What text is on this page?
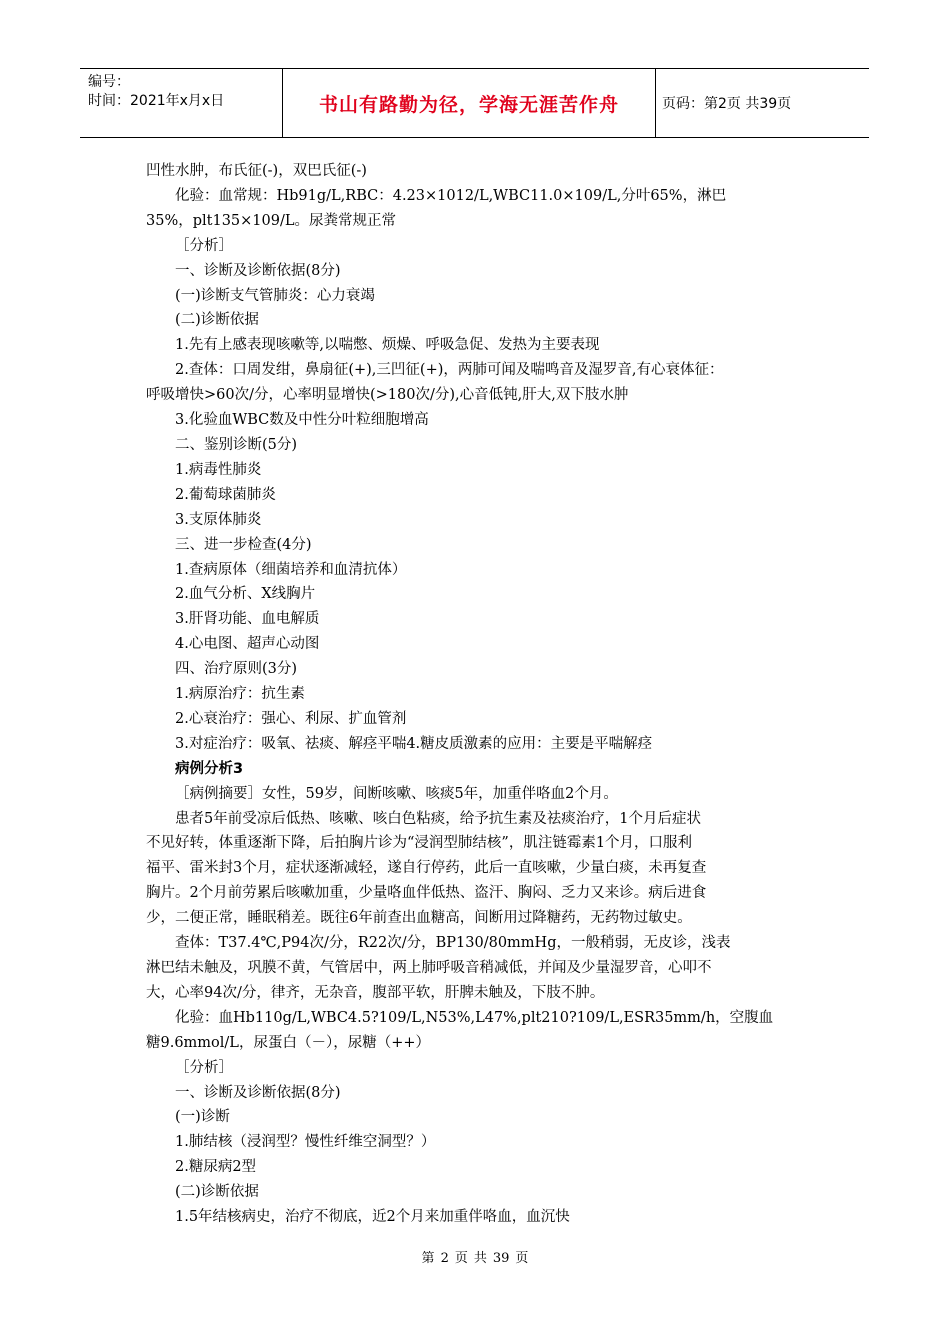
编号：
时间：2021年x月x日	书山有路勤为径，学海无涯苦作舟	页码：第2页 共39页

凹性水肿，布氏征(-)，双巴氏征(-)

化验：血常规：Hb91g/L,RBC：4.23×1012/L,WBC11.0×109/L,分叶65%，淋巴

35%，plt135×109/L。尿粪常规正常

［分析］

一、诊断及诊断依据(8分)

(一)诊断支气管肺炎：心力衰竭

(二)诊断依据

1.先有上感表现咳嗽等,以喘憋、烦燥、呼吸急促、发热为主要表现

2.查体：口周发绀，鼻扇征(+),三凹征(+)，两肺可闻及喘鸣音及湿罗音,有心衰体征：

呼吸增快>60次/分，心率明显增快(>180次/分),心音低钝,肝大,双下肢水肿

3.化验血WBC数及中性分叶粒细胞增高

二、鉴别诊断(5分)

1.病毒性肺炎

2.葡萄球菌肺炎

3.支原体肺炎

三、进一步检查(4分)

1.查病原体（细菌培养和血清抗体）

2.血气分析、X线胸片

3.肝肾功能、血电解质

4.心电图、超声心动图

四、治疗原则(3分)

1.病原治疗：抗生素

2.心衰治疗：强心、利尿、扩血管剂

3.对症治疗：吸氧、祛痰、解痉平喘4.糖皮质激素的应用：主要是平喘解痉

病例分析3

［病例摘要］女性，59岁，间断咳嗽、咳痰5年，加重伴咯血2个月。

患者5年前受凉后低热、咳嗽、咳白色粘痰，给予抗生素及祛痰治疗，1个月后症状

不见好转，体重逐渐下降，后拍胸片诊为“浸润型肺结核”，肌注链霉素1个月，口服利

福平、雷米封3个月，症状逐渐减轻，遂自行停药，此后一直咳嗽，少量白痰，未再复查

胸片。2个月前劳累后咳嗽加重，少量咯血伴低热、盗汗、胸闷、乏力又来诊。病后进食

少，二便正常，睡眠稍差。既往6年前查出血糖高，间断用过降糖药，无药物过敏史。

查体：T37.4℃,P94次/分，R22次/分，BP130/80mmHg，一般稍弱，无皮诊，浅表

淋巴结未触及，巩膜不黄，气管居中，两上肺呼吸音稍减低，并闻及少量湿罗音，心叩不

大，心率94次/分，律齐，无杂音，腹部平软，肝脾未触及，下肢不肿。

化验：血Hb110g/L,WBC4.5?109/L,N53%,L47%,plt210?109/L,ESR35mm/h，空腹血

糖9.6mmol/L，尿蛋白（－），尿糖（++）

［分析］

一、诊断及诊断依据(8分)

(一)诊断

1.肺结核（浸润型？慢性纤维空洞型？）

2.糖尿病2型

(二)诊断依据

1.5年结核病史，治疗不彻底，近2个月来加重伴咯血，血沉快

第 2 页 共 39 页
